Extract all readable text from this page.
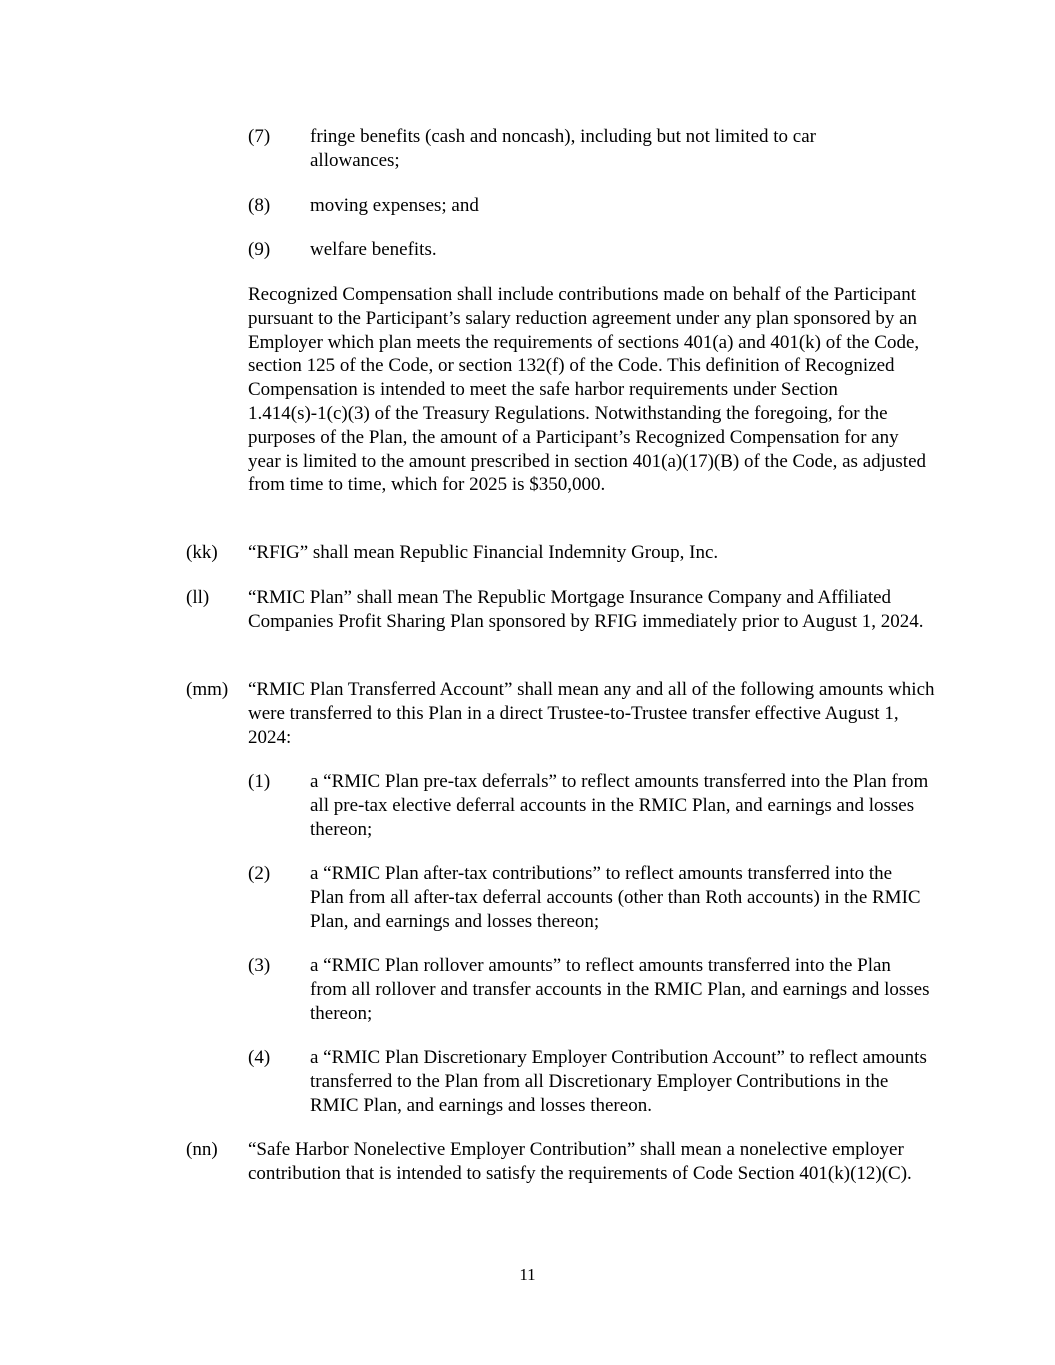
(7) fringe benefits (cash and noncash), including but not limited to car allowances;
(8) moving expenses; and
(9) welfare benefits.
Recognized Compensation shall include contributions made on behalf of the Participant pursuant to the Participant’s salary reduction agreement under any plan sponsored by an Employer which plan meets the requirements of sections 401(a) and 401(k) of the Code, section 125 of the Code, or section 132(f) of the Code. This definition of Recognized Compensation is intended to meet the safe harbor requirements under Section 1.414(s)-1(c)(3) of the Treasury Regulations. Notwithstanding the foregoing, for the purposes of the Plan, the amount of a Participant’s Recognized Compensation for any year is limited to the amount prescribed in section 401(a)(17)(B) of the Code, as adjusted from time to time, which for 2025 is $350,000.
(kk) “RFIG” shall mean Republic Financial Indemnity Group, Inc.
(ll) “RMIC Plan” shall mean The Republic Mortgage Insurance Company and Affiliated Companies Profit Sharing Plan sponsored by RFIG immediately prior to August 1, 2024.
(mm) “RMIC Plan Transferred Account” shall mean any and all of the following amounts which were transferred to this Plan in a direct Trustee-to-Trustee transfer effective August 1, 2024:
(1) a “RMIC Plan pre-tax deferrals” to reflect amounts transferred into the Plan from all pre-tax elective deferral accounts in the RMIC Plan, and earnings and losses thereon;
(2) a “RMIC Plan after-tax contributions” to reflect amounts transferred into the Plan from all after-tax deferral accounts (other than Roth accounts) in the RMIC Plan, and earnings and losses thereon;
(3) a “RMIC Plan rollover amounts” to reflect amounts transferred into the Plan from all rollover and transfer accounts in the RMIC Plan, and earnings and losses thereon;
(4) a “RMIC Plan Discretionary Employer Contribution Account” to reflect amounts transferred to the Plan from all Discretionary Employer Contributions in the RMIC Plan, and earnings and losses thereon.
(nn) “Safe Harbor Nonelective Employer Contribution” shall mean a nonelective employer contribution that is intended to satisfy the requirements of Code Section 401(k)(12)(C).
11
